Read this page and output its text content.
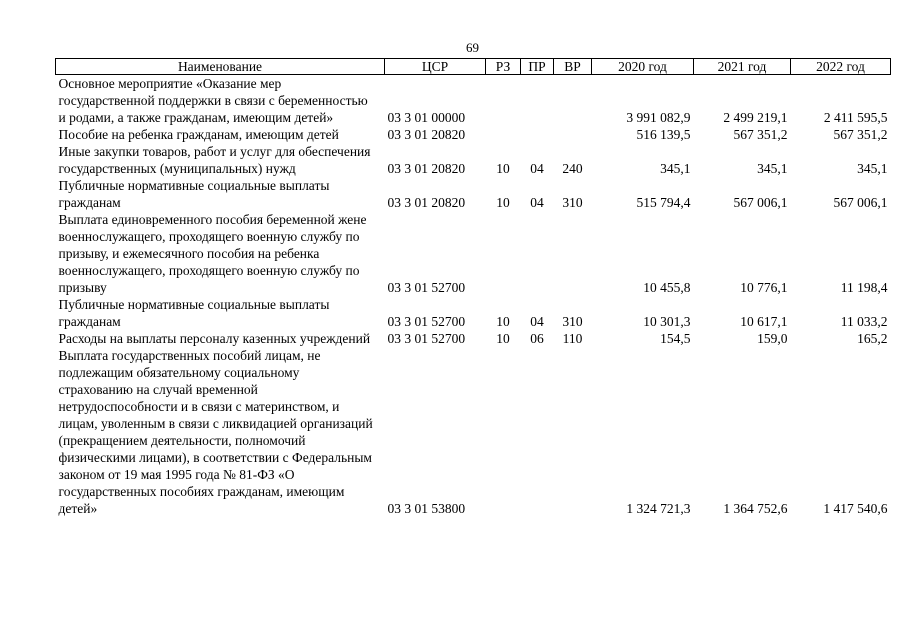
69
Наименование	ЦСР	РЗ	ПР	ВР	2020 год	2021 год	2022 год
Основное мероприятие «Оказание мер государственной поддержки в связи с беременностью и родами, а также гражданам, имеющим детей»	03 3 01 00000				3 991 082,9	2 499 219,1	2 411 595,5
Пособие на ребенка гражданам, имеющим детей	03 3 01 20820				516 139,5	567 351,2	567 351,2
Иные закупки товаров, работ и услуг для обеспечения государственных (муниципальных) нужд	03 3 01 20820	10	04	240	345,1	345,1	345,1
Публичные нормативные социальные выплаты гражданам	03 3 01 20820	10	04	310	515 794,4	567 006,1	567 006,1
Выплата единовременного пособия беременной жене военнослужащего, проходящего военную службу по призыву, и ежемесячного пособия на ребенка военнослужащего, проходящего военную службу по призыву	03 3 01 52700				10 455,8	10 776,1	11 198,4
Публичные нормативные социальные выплаты гражданам	03 3 01 52700	10	04	310	10 301,3	10 617,1	11 033,2
Расходы на выплаты персоналу казенных учреждений	03 3 01 52700	10	06	110	154,5	159,0	165,2
Выплата государственных пособий лицам, не подлежащим обязательному социальному страхованию на случай временной нетрудоспособности и в связи с материнством, и лицам, уволенным в связи с ликвидацией организаций (прекращением деятельности, полномочий физическими лицами), в соответствии с Федеральным законом от 19 мая 1995 года № 81-ФЗ «О государственных пособиях гражданам, имеющим детей»	03 3 01 53800				1 324 721,3	1 364 752,6	1 417 540,6
